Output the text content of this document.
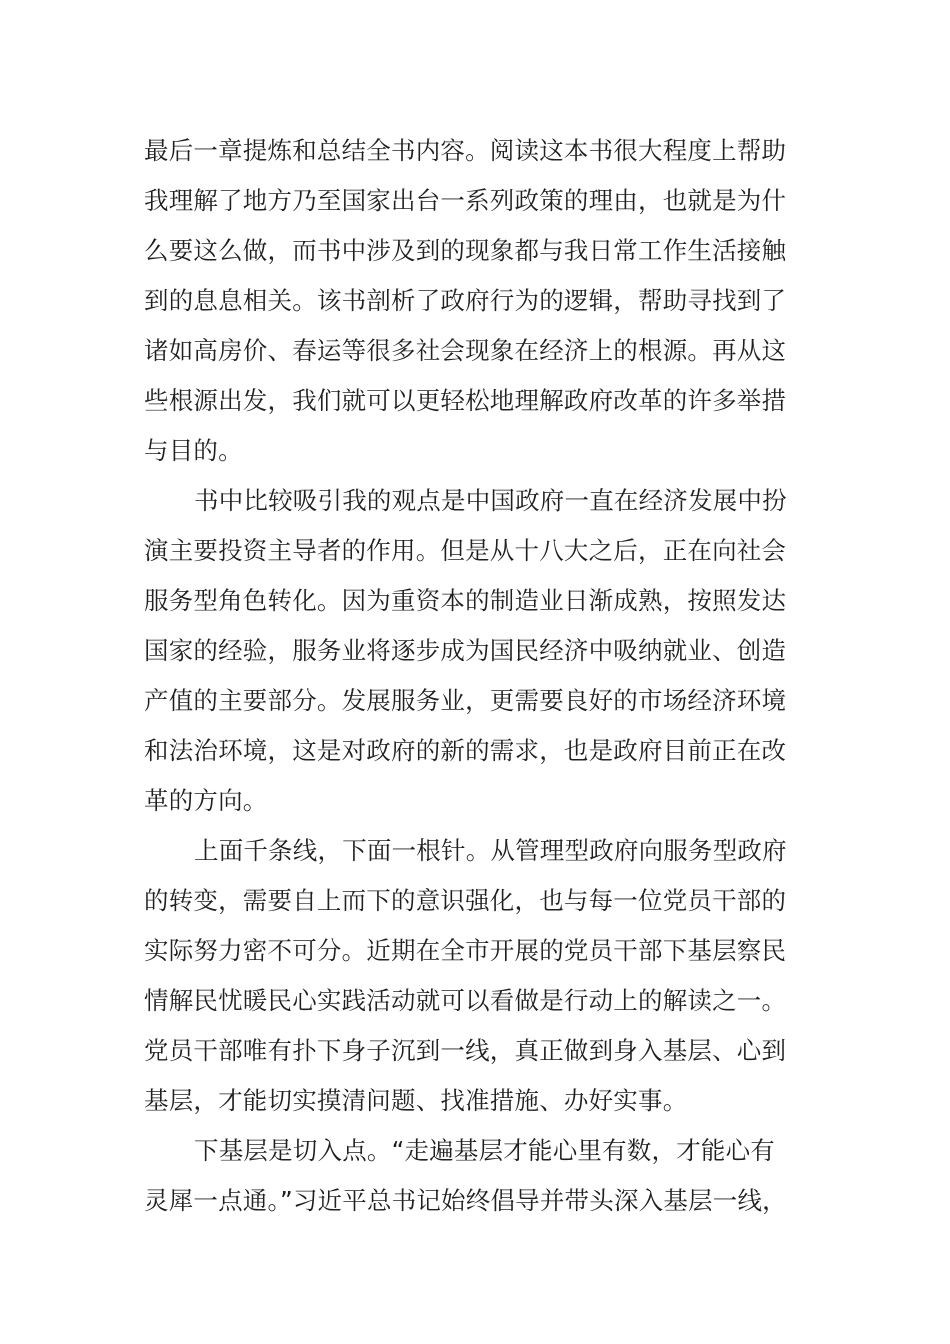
最后一章提炼和总结全书内容。阅读这本书很大程度上帮助
我理解了地方乃至国家出台一系列政策的理由，也就是为什
么要这么做，而书中涉及到的现象都与我日常工作生活接触
到的息息相关。该书剖析了政府行为的逻辑，帮助寻找到了
诸如高房价、春运等很多社会现象在经济上的根源。再从这
些根源出发，我们就可以更轻松地理解政府改革的许多举措
与目的。
书中比较吸引我的观点是中国政府一直在经济发展中扮
演主要投资主导者的作用。但是从十八大之后，正在向社会
服务型角色转化。因为重资本的制造业日渐成熟，按照发达
国家的经验，服务业将逐步成为国民经济中吸纳就业、创造
产值的主要部分。发展服务业，更需要良好的市场经济环境
和法治环境，这是对政府的新的需求，也是政府目前正在改
革的方向。
上面千条线，下面一根针。从管理型政府向服务型政府
的转变，需要自上而下的意识强化，也与每一位党员干部的
实际努力密不可分。近期在全市开展的党员干部下基层察民
情解民忧暖民心实践活动就可以看做是行动上的解读之一。
党员干部唯有扑下身子沉到一线，真正做到身入基层、心到
基层，才能切实摸清问题、找准措施、办好实事。
下基层是切入点。“走遍基层才能心里有数，才能心有
灵犀一点通。”习近平总书记始终倡导并带头深入基层一线，
